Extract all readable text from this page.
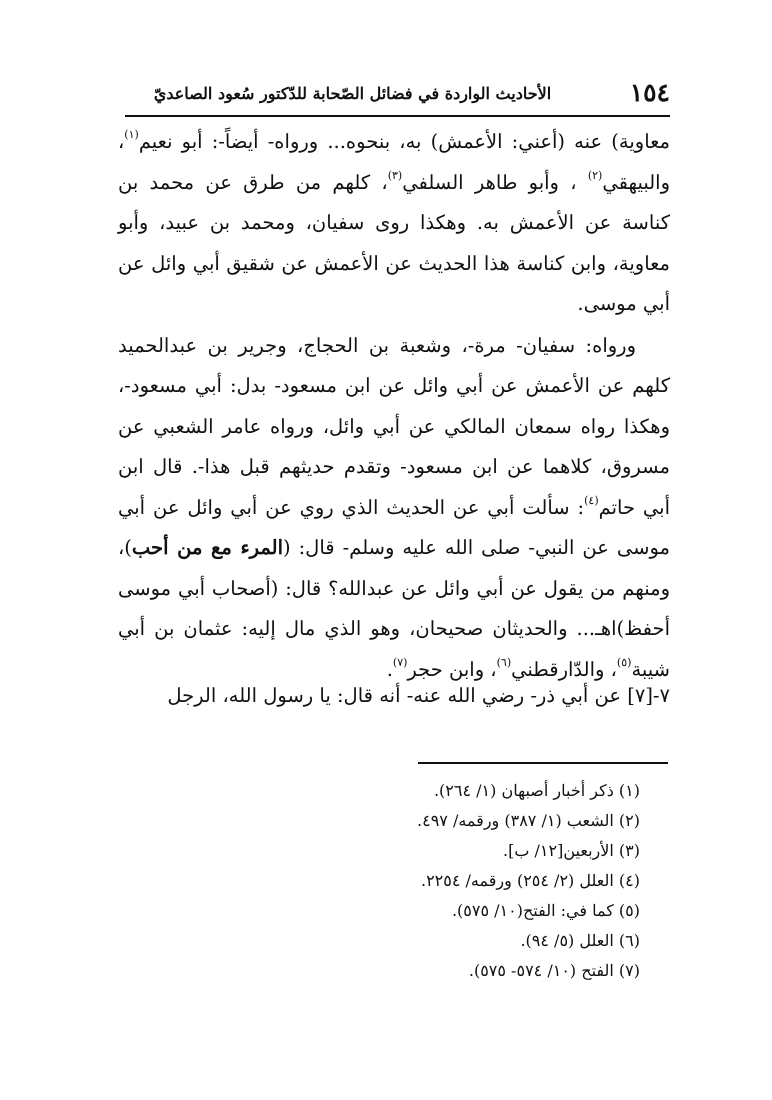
١٥٤
الأحاديث الواردة في فضائل الصّحابة للدّكتور سُعود الصاعديّ

معاوية) عنه (أعني: الأعمش) به، بنحوه... ورواه- أيضاً-: أبو نعيم$^{(١)}$، والبيهقي$^{(٢)}$ ، وأبو طاهر السلفي$^{(٣)}$، كلهم من طرق عن محمد بن كناسة عن الأعمش به. وهكذا روى سفيان، ومحمد بن عبيد، وأبو معاوية، وابن كناسة هذا الحديث عن الأعمش عن شقيق أبي وائل عن أبي موسى.

ورواه: سفيان- مرة-، وشعبة بن الحجاج، وجرير بن عبدالحميد كلهم عن الأعمش عن أبي وائل عن ابن مسعود- بدل: أبي مسعود-، وهكذا رواه سمعان المالكي عن أبي وائل، ورواه عامر الشعبي عن مسروق، كلاهما عن ابن مسعود- وتقدم حديثهم قبل هذا-. قال ابن أبي حاتم$^{(٤)}$: سألت أبي عن الحديث الذي روي عن أبي وائل عن أبي موسى عن النبي- صلى الله عليه وسلم- قال: (المرء مع من أحب)، ومنهم من يقول عن أبي وائل عن عبدالله؟ قال: (أصحاب أبي موسى أحفظ)اهـ... والحديثان صحيحان، وهو الذي مال إليه: عثمان بن أبي شيبة$^{(٥)}$، والدّارقطني$^{(٦)}$، وابن حجر$^{(٧)}$.

٧-[٧] عن أبي ذر- رضي الله عنه- أنه قال: يا رسول الله، الرجل
(١) ذكر أخبار أصبهان (١/ ٢٦٤).
(٢) الشعب (١/ ٣٨٧) ورقمه/ ٤٩٧.
(٣) الأربعين[١٢/ ب].
(٤) العلل (٢/ ٢٥٤) ورقمه/ ٢٢٥٤.
(٥) كما في: الفتح(١٠/ ٥٧٥).
(٦) العلل (٥/ ٩٤).
(٧) الفتح (١٠/ ٥٧٤- ٥٧٥).
